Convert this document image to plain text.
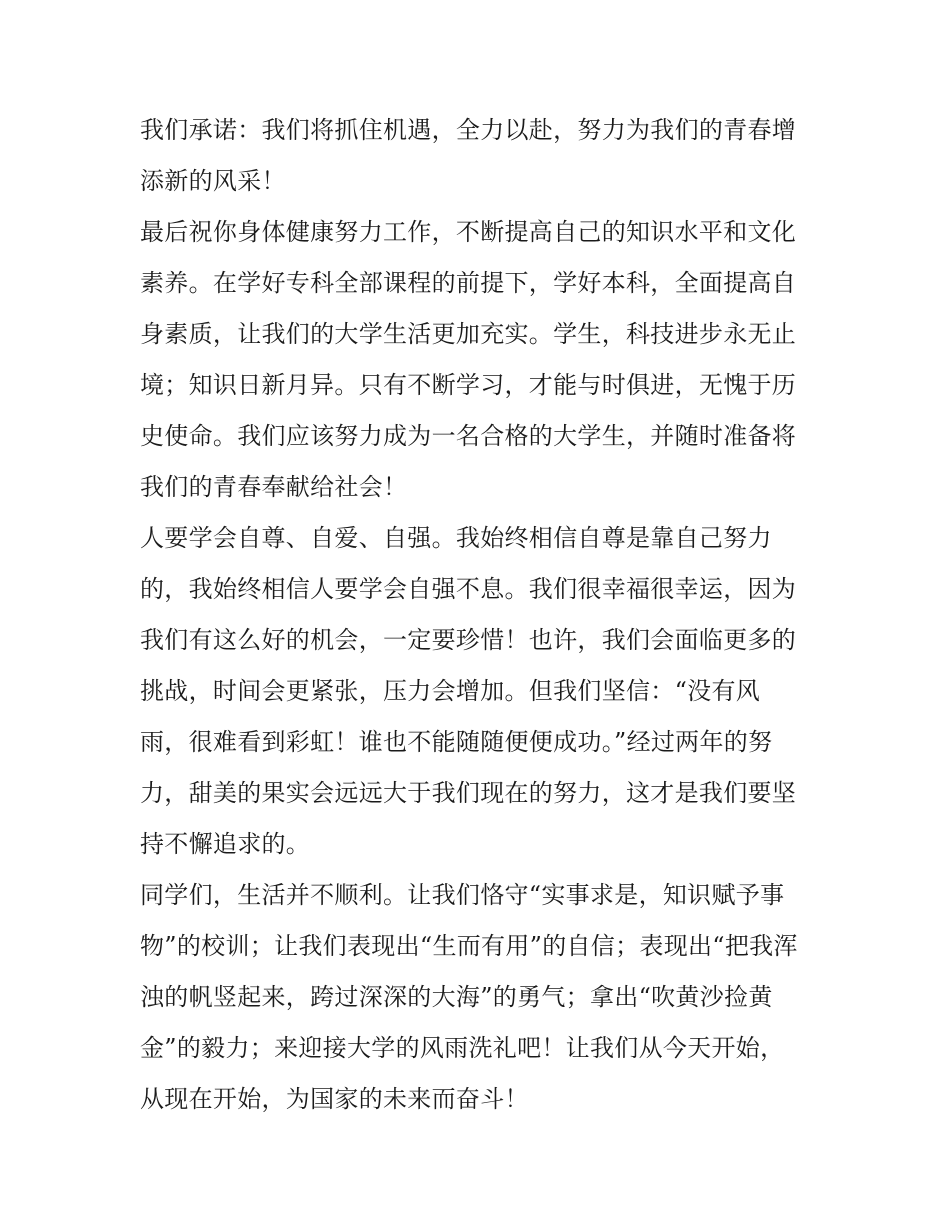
我们承诺：我们将抓住机遇，全力以赴，努力为我们的青春增
添新的风采！
最后祝你身体健康努力工作，不断提高自己的知识水平和文化
素养。在学好专科全部课程的前提下，学好本科，全面提高自
身素质，让我们的大学生活更加充实。学生，科技进步永无止
境；知识日新月异。只有不断学习，才能与时俱进，无愧于历
史使命。我们应该努力成为一名合格的大学生，并随时准备将
我们的青春奉献给社会！
人要学会自尊、自爱、自强。我始终相信自尊是靠自己努力
的，我始终相信人要学会自强不息。我们很幸福很幸运，因为
我们有这么好的机会，一定要珍惜！也许，我们会面临更多的
挑战，时间会更紧张，压力会增加。但我们坚信：“没有风
雨，很难看到彩虹！谁也不能随随便便成功。”经过两年的努
力，甜美的果实会远远大于我们现在的努力，这才是我们要坚
持不懈追求的。
同学们，生活并不顺利。让我们恪守“实事求是，知识赋予事
物”的校训；让我们表现出“生而有用”的自信；表现出“把我浑
浊的帆竖起来，跨过深深的大海”的勇气；拿出“吹黄沙捡黄
金”的毅力；来迎接大学的风雨洗礼吧！让我们从今天开始，
从现在开始，为国家的未来而奋斗！
